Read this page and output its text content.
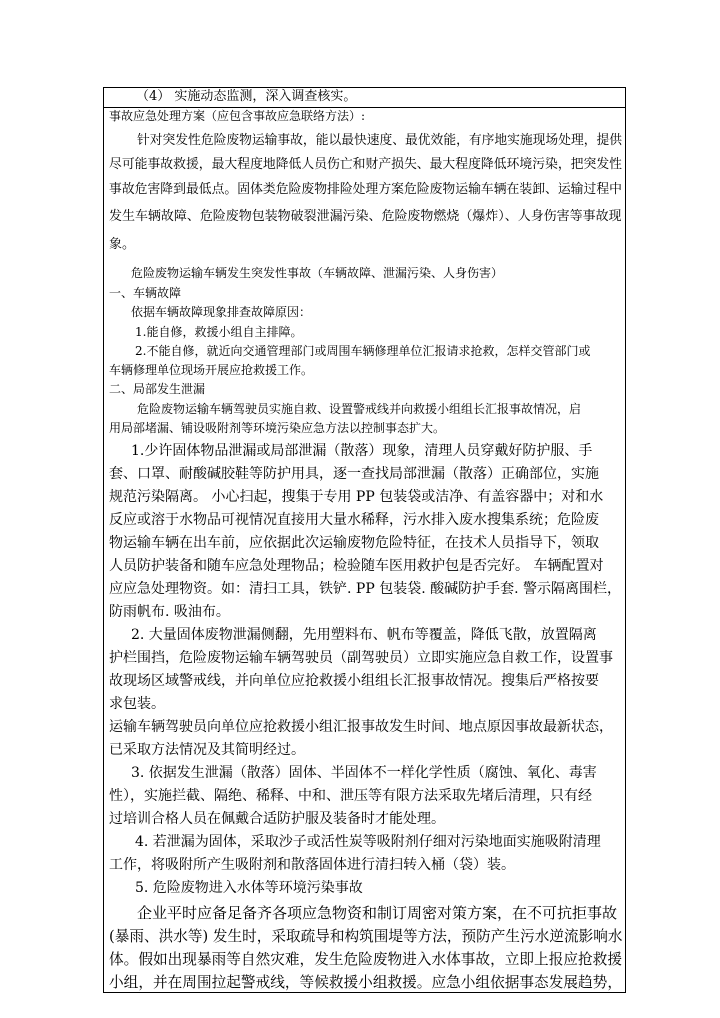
（4） 实施动态监测，深入调查核实。

事故应急处理方案（应包含事故应急联络方法）:

针对突发性危险废物运输事故，能以最快速度、最优效能，有序地实施现场处理，提供

尽可能事故救援，最大程度地降低人员伤亡和财产损失、最大程度降低环境污染，把突发性

事故危害降到最低点。固体类危险废物排险处理方案危险废物运输车辆在装卸、运输过程中

发生车辆故障、危险废物包装物破裂泄漏污染、危险废物燃烧（爆炸）、人身伤害等事故现

象。

危险废物运输车辆发生突发性事故（车辆故障、泄漏污染、人身伤害）

一、车辆故障

依据车辆故障现象排查故障原因：

1.能自修，救援小组自主排障。

2.不能自修，就近向交通管理部门或周围车辆修理单位汇报请求抢救，怎样交管部门或

车辆修理单位现场开展应抢救援工作。

二、局部发生泄漏

危险废物运输车辆驾驶员实施自救、设置警戒线并向救援小组组长汇报事故情况，启

用局部堵漏、铺设吸附剂等环境污染应急方法以控制事态扩大。

1.少许固体物品泄漏或局部泄漏（散落）现象，清理人员穿戴好防护服、手

套、口罩、耐酸碱胶鞋等防护用具，逐一查找局部泄漏（散落）正确部位，实施

规范污染隔离。 小心扫起，搜集于专用 PP 包装袋或洁净、有盖容器中；对和水

反应或溶于水物品可视情况直接用大量水稀释，污水排入废水搜集系统；危险废

物运输车辆在出车前，应依据此次运输废物危险特征，在技术人员指导下，领取

人员防护装备和随车应急处理物品；检验随车医用救护包是否完好。 车辆配置对

应应急处理物资。如：清扫工具，铁铲. PP 包装袋. 酸碱防护手套. 警示隔离围栏，

防雨帆布. 吸油布。

2. 大量固体废物泄漏侧翻，先用塑料布、帆布等覆盖，降低飞散，放置隔离

护栏围挡，危险废物运输车辆驾驶员（副驾驶员）立即实施应急自救工作，设置事

故现场区域警戒线，并向单位应抢救援小组组长汇报事故情况。搜集后严格按要

求包装。

运输车辆驾驶员向单位应抢救援小组汇报事故发生时间、地点原因事故最新状态，

已采取方法情况及其简明经过。

3. 依据发生泄漏（散落）固体、半固体不一样化学性质（腐蚀、氧化、毒害

性），实施拦截、隔绝、稀释、中和、泄压等有限方法采取先堵后清理，只有经

过培训合格人员在佩戴合适防护服及装备时才能处理。

4. 若泄漏为固体，采取沙子或活性炭等吸附剂仔细对污染地面实施吸附清理

工作，将吸附所产生吸附剂和散落固体进行清扫转入桶（袋）装。

5. 危险废物进入水体等环境污染事故

企业平时应备足备齐各项应急物资和制订周密对策方案，在不可抗拒事故

(暴雨、洪水等) 发生时，采取疏导和构筑围堤等方法，预防产生污水逆流影响水

体。假如出现暴雨等自然灾难，发生危险废物进入水体事故，立即上报应抢救援

小组，并在周围拉起警戒线，等候救援小组救援。应急小组依据事态发展趋势，
